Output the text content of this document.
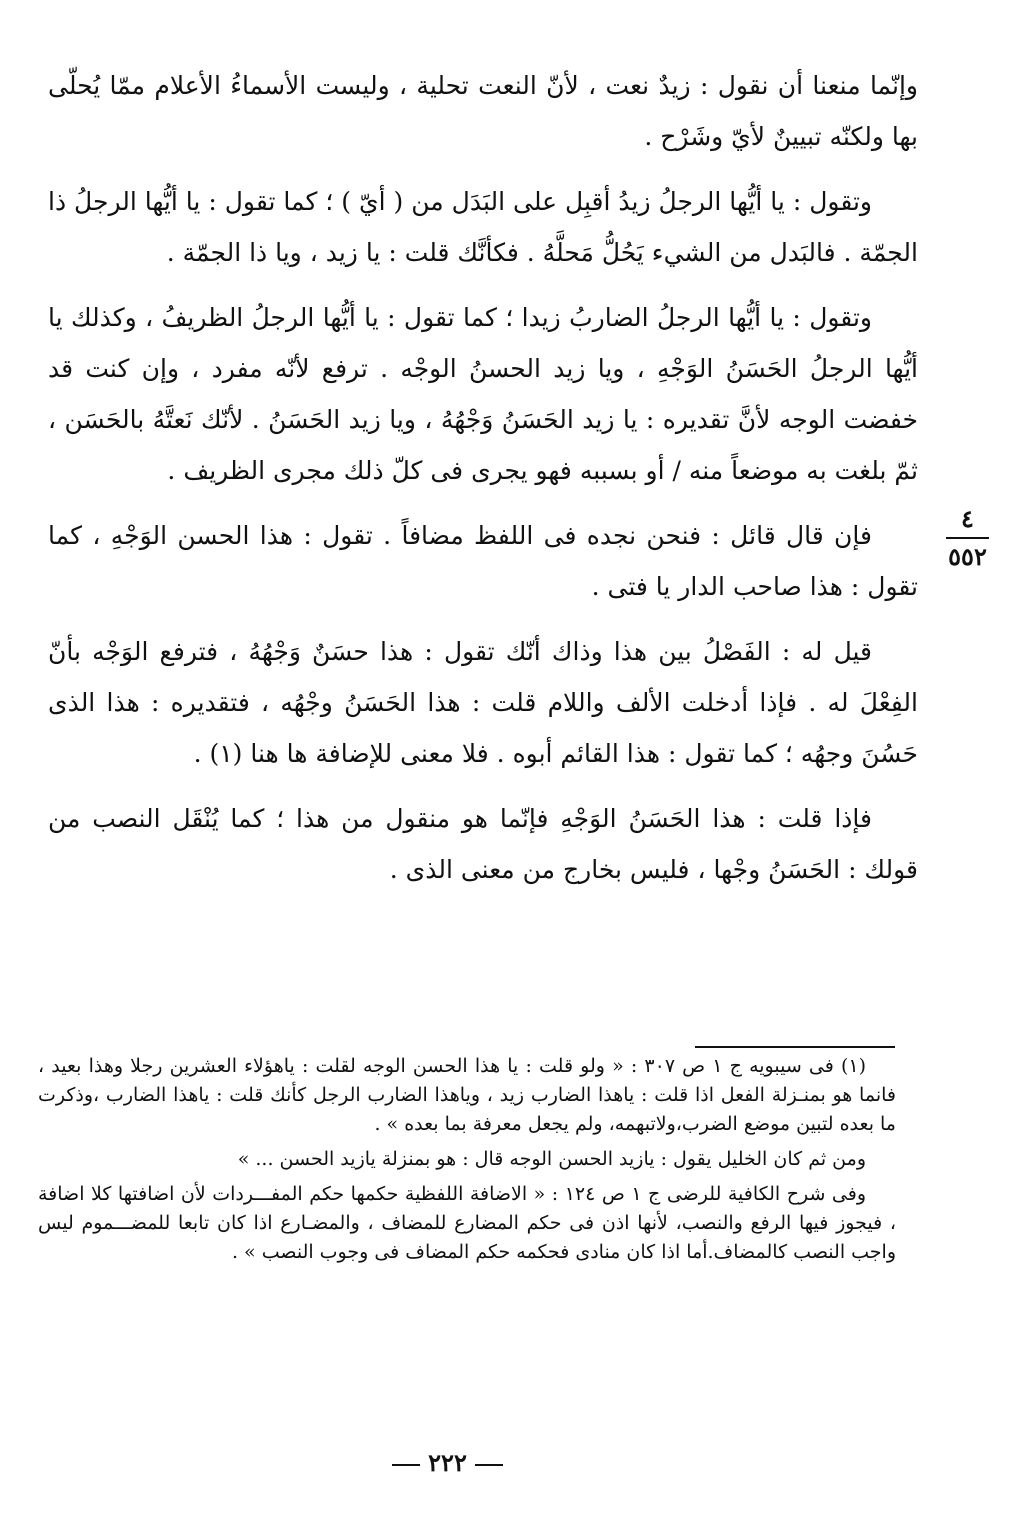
وإنّما منعنا أن نقول : زيدٌ نعت ، لأنّ النعت تحلية ، وليست الأسماءُ الأعلام ممّا يُحلّى بها ولكنّه تبيينٌ لأيّ وشَرْح .

وتقول : يا أيُّها الرجلُ زيدُ أقبِل على البَدَل من ( أيّ ) ؛ كما تقول : يا أيُّها الرجلُ ذا الجمّة . فالبَدل من الشيء يَحُلُّ مَحلَّهُ . فكأنَّك قلت : يا زيد ، ويا ذا الجمّة .

وتقول : يا أيُّها الرجلُ الضاربُ زيدا ؛ كما تقول : يا أيُّها الرجلُ الظريفُ ، وكذلك يا أيُّها الرجلُ الحَسَنُ الوَجْهِ ، ويا زيد الحسنُ الوجْه . ترفع لأنّه مفرد ، وإن كنت قد خفضت الوجه لأنَّ تقديره : يا زيد الحَسَنُ وَجْهُهُ ، ويا زيد الحَسَنُ . لأنّك نَعتَّهُ بالحَسَن ، ثمّ بلغت به موضعاً منه / أو بسببه فهو يجرى فى كلّ ذلك مجرى الظريف .

فإن قال قائل : فنحن نجده فى اللفظ مضافاً . تقول : هذا الحسن الوَجْهِ ، كما تقول : هذا صاحب الدار يا فتى .

قيل له : الفَصْلُ بين هذا وذاك أنّك تقول : هذا حسَنٌ وَجْهُهُ ، فترفع الوَجْه بأنّ الفِعْلَ له . فإذا أدخلت الألف واللام قلت : هذا الحَسَنُ وجْهُه ، فتقديره : هذا الذى حَسُنَ وجهُه ؛ كما تقول : هذا القائم أبوه . فلا معنى للإضافة ها هنا (١) .

فإذا قلت : هذا الحَسَنُ الوَجْهِ فإنّما هو منقول من هذا ؛ كما يُنْقَل النصب من قولك : الحَسَنُ وجْها ، فليس بخارج من معنى الذى .

٤
٥٥٢

(١) فى سيبويه ج ١ ص ٣٠٧ : « ولو قلت : يا هذا الحسن الوجه لقلت : ياهؤلاء العشرين رجلا وهذا بعيد ، فانما هو بمنـزلة الفعل اذا قلت : ياهذا الضارب زيد ، وياهذا الضارب الرجل كأنك قلت : ياهذا الضارب ،وذكرت ما بعده لتبين موضع الضرب،ولاتبهمه، ولم يجعل معرفة بما بعده » .

ومن ثم كان الخليل يقول : يازيد الحسن الوجه قال : هو بمنزلة يازيد الحسن ... »

وفى شرح الكافية للرضى ج ١ ص ١٢٤ : « الاضافة اللفظية حكمها حكم المفـــردات لأن اضافتها كلا اضافة ، فيجوز فيها الرفع والنصب، لأنها اذن فى حكم المضارع للمضاف ، والمضـارع اذا كان تابعا للمضـــموم ليس واجب النصب كالمضاف.أما اذا كان منادى فحكمه حكم المضاف فى وجوب النصب » .

٢٢٢
